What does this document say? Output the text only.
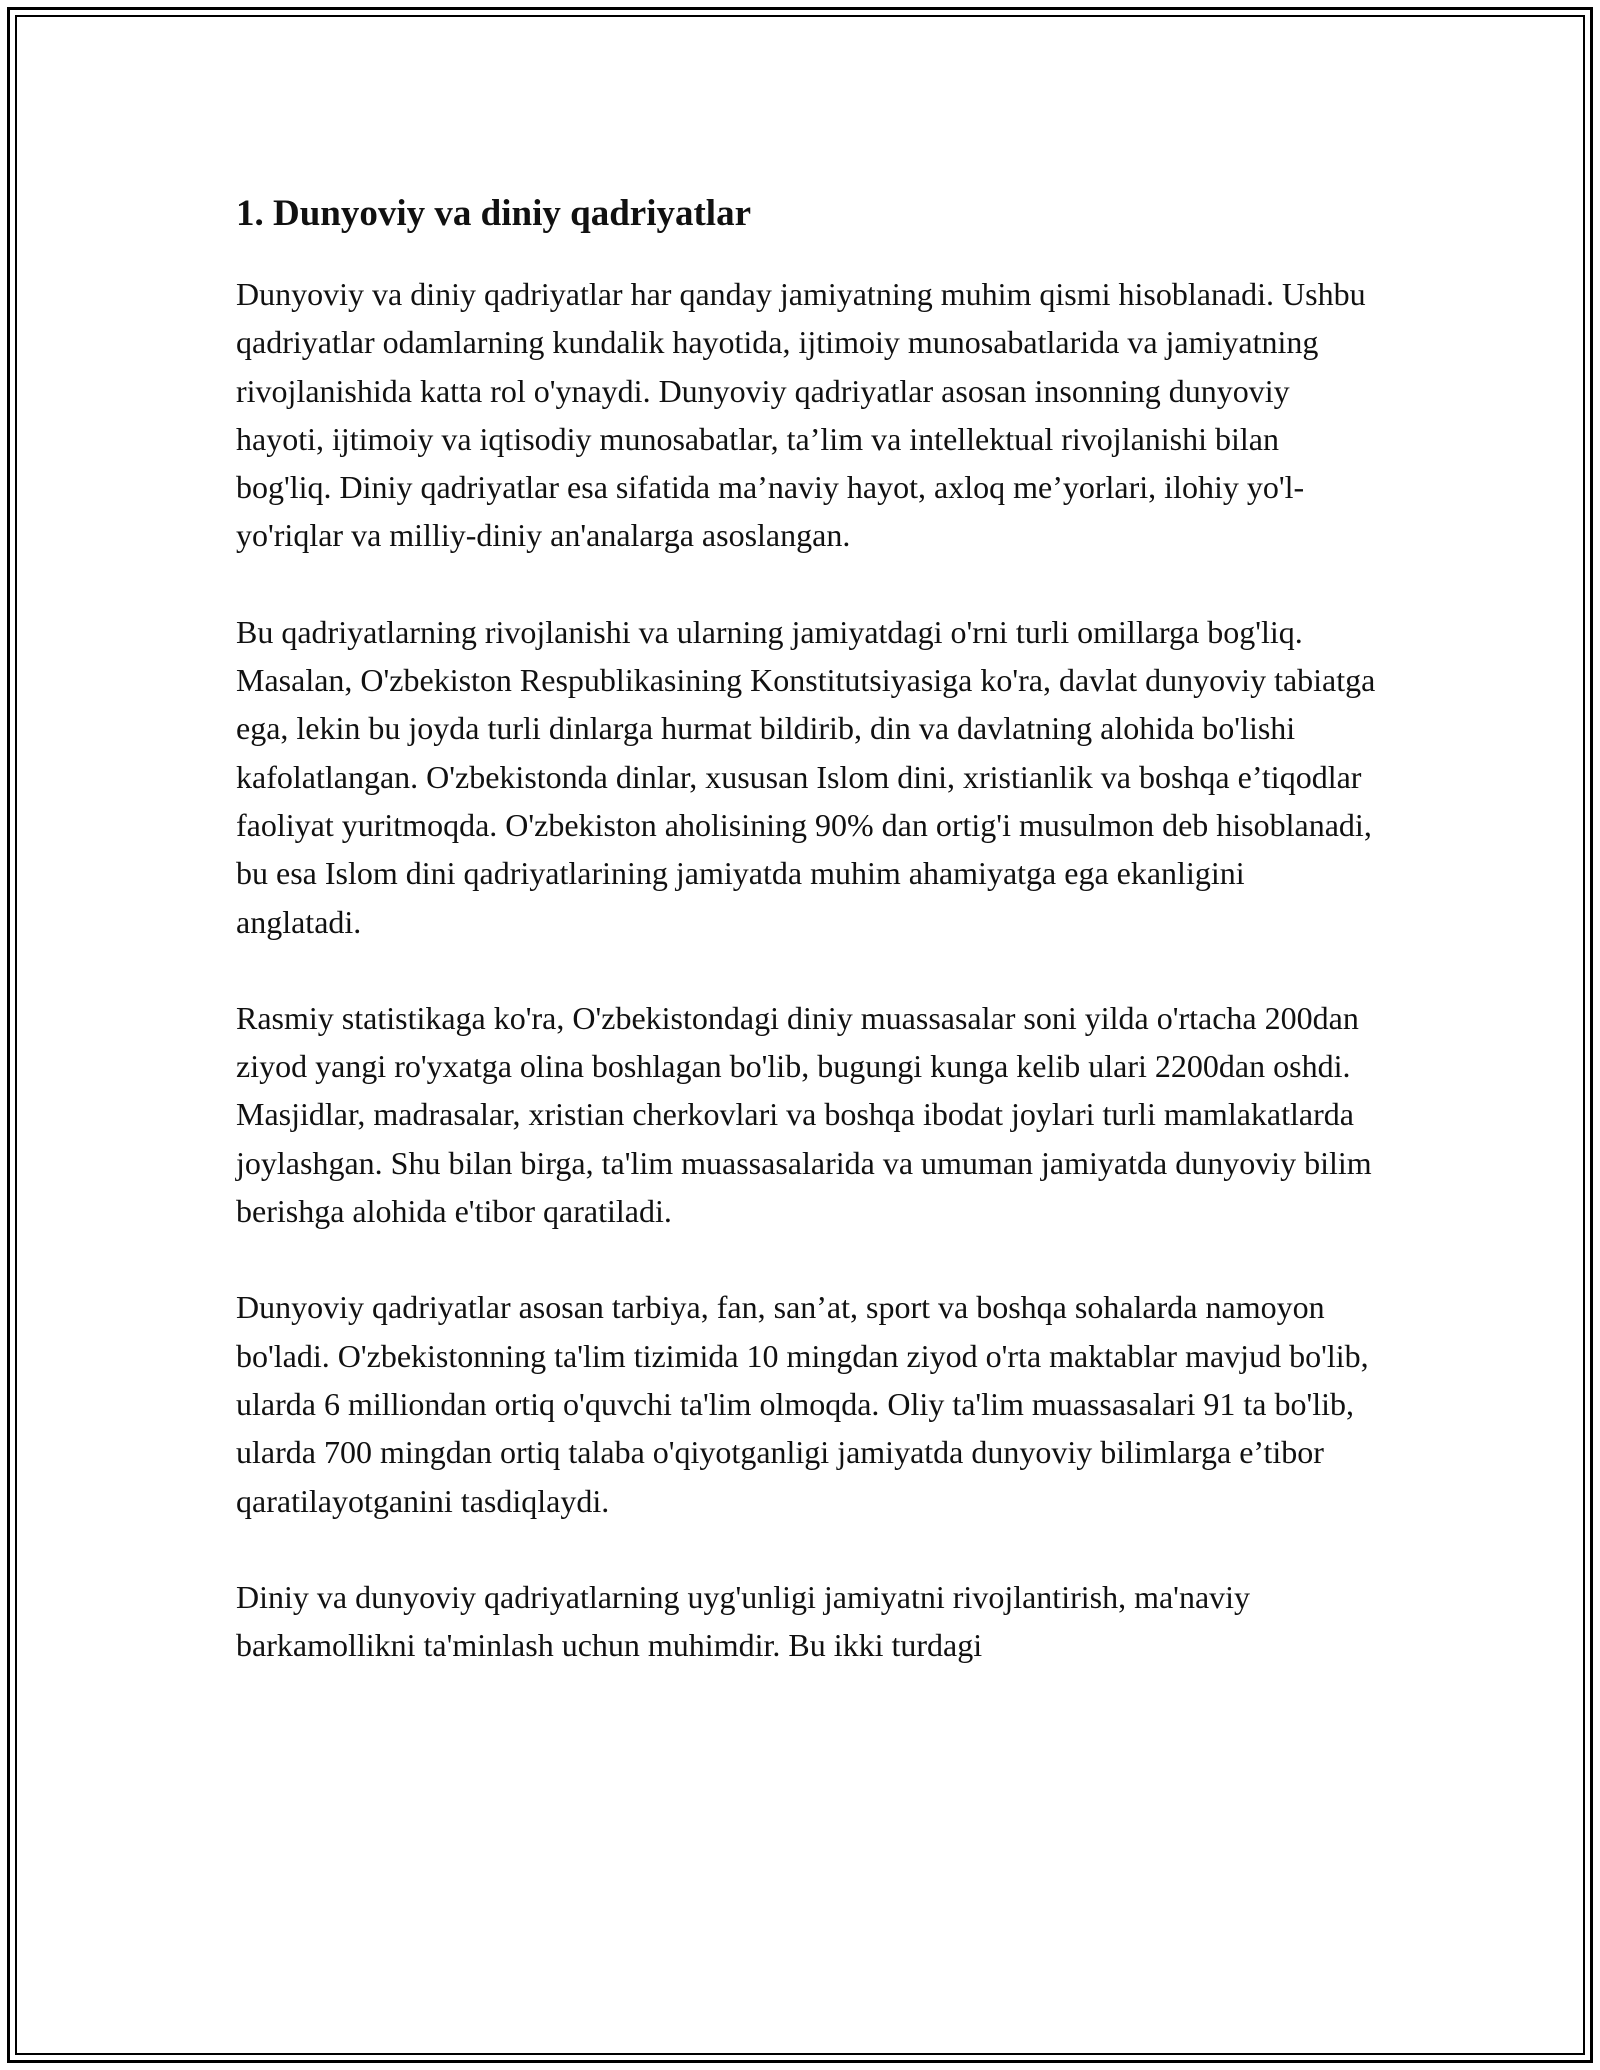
1. Dunyoviy va diniy qadriyatlar

Dunyoviy va diniy qadriyatlar har qanday jamiyatning muhim qismi hisoblanadi. Ushbu qadriyatlar odamlarning kundalik hayotida, ijtimoiy munosabatlarida va jamiyatning rivojlanishida katta rol o'ynaydi. Dunyoviy qadriyatlar asosan insonning dunyoviy hayoti, ijtimoiy va iqtisodiy munosabatlar, ta’lim va intellektual rivojlanishi bilan bog'liq. Diniy qadriyatlar esa sifatida ma’naviy hayot, axloq me’yorlari, ilohiy yo'l-yo'riqlar va milliy-diniy an'analarga asoslangan.

Bu qadriyatlarning rivojlanishi va ularning jamiyatdagi o'rni turli omillarga bog'liq. Masalan, O'zbekiston Respublikasining Konstitutsiyasiga ko'ra, davlat dunyoviy tabiatga ega, lekin bu joyda turli dinlarga hurmat bildirib, din va davlatning alohida bo'lishi kafolatlangan. O'zbekistonda dinlar, xususan Islom dini, xristianlik va boshqa e’tiqodlar faoliyat yuritmoqda. O'zbekiston aholisining 90% dan ortig'i musulmon deb hisoblanadi, bu esa Islom dini qadriyatlarining jamiyatda muhim ahamiyatga ega ekanligini anglatadi.

Rasmiy statistikaga ko'ra, O'zbekistondagi diniy muassasalar soni yilda o'rtacha 200dan ziyod yangi ro'yxatga olina boshlagan bo'lib, bugungi kunga kelib ulari 2200dan oshdi. Masjidlar, madrasalar, xristian cherkovlari va boshqa ibodat joylari turli mamlakatlarda joylashgan. Shu bilan birga, ta'lim muassasalarida va umuman jamiyatda dunyoviy bilim berishga alohida e'tibor qaratiladi.

Dunyoviy qadriyatlar asosan tarbiya, fan, san’at, sport va boshqa sohalarda namoyon bo'ladi. O'zbekistonning ta'lim tizimida 10 mingdan ziyod o'rta maktablar mavjud bo'lib, ularda 6 milliondan ortiq o'quvchi ta'lim olmoqda. Oliy ta'lim muassasalari 91 ta bo'lib, ularda 700 mingdan ortiq talaba o'qiyotganligi jamiyatda dunyoviy bilimlarga e’tibor qaratilayotganini tasdiqlaydi.

Diniy va dunyoviy qadriyatlarning uyg'unligi jamiyatni rivojlantirish, ma'naviy barkamollikni ta'minlash uchun muhimdir. Bu ikki turdagi
